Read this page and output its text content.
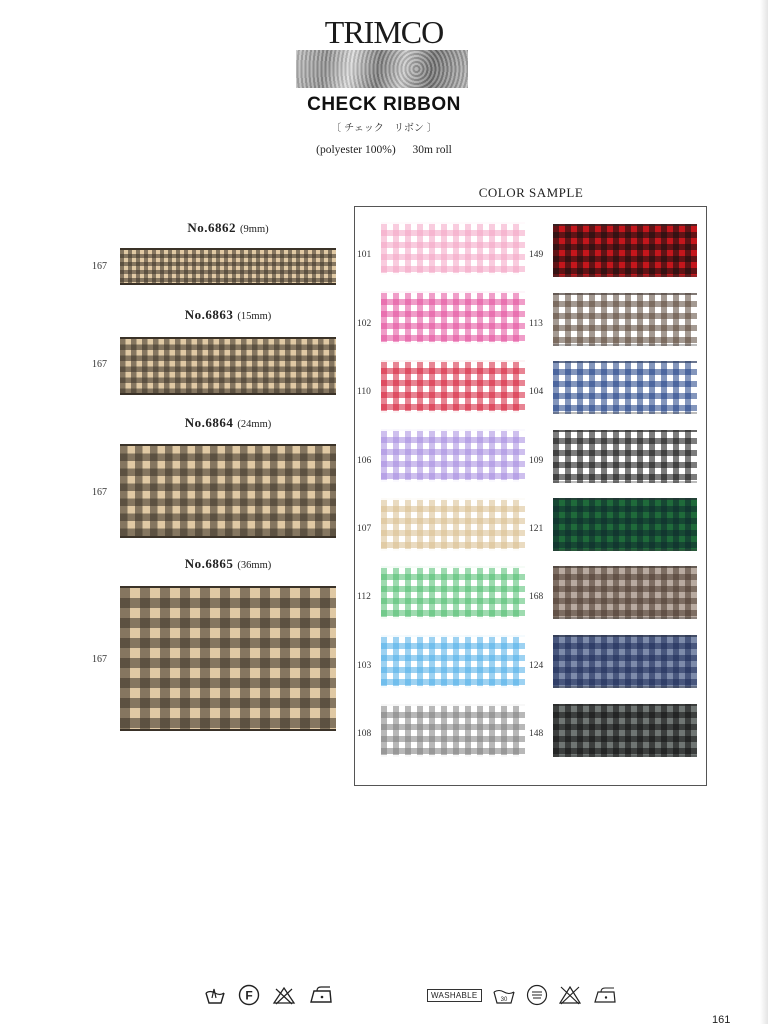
TRIMCO
CHECK RIBBON
〔 チェック　リボン 〕
(polyester 100%) 30m roll
No.6862 (9mm)
167
No.6863 (15mm)
167
No.6864 (24mm)
167
No.6865 (36mm)
167
COLOR SAMPLE
101
102
110
106
107
112
103
108
149
113
104
109
121
168
124
148
F	WASHABLE
30
161
